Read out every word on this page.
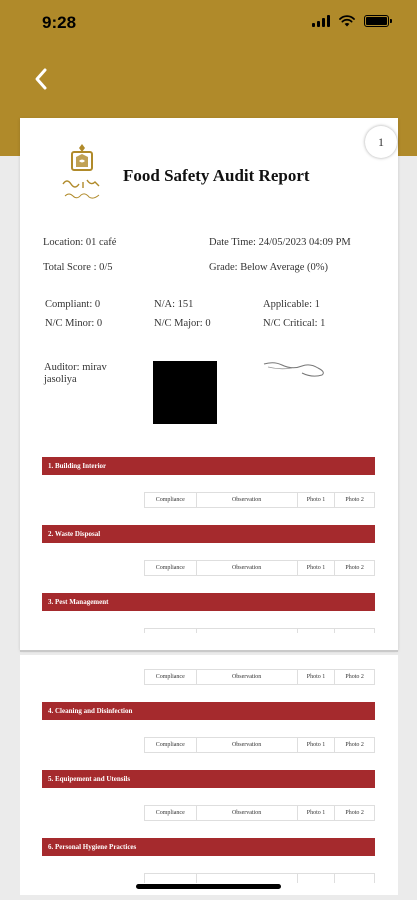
9:28
1
Food Safety Audit Report
Location: 01 café	Date Time: 24/05/2023 04:09 PM
Total Score : 0/5	Grade: Below Average (0%)
Compliant: 0	N/A: 151	Applicable: 1
N/C Minor: 0	N/C Major: 0	N/C Critical: 1
Auditor: mirav jasoliya
1. Building Interior
Compliance	Observation	Photo 1	Photo 2
2. Waste Disposal
Compliance	Observation	Photo 1	Photo 2
3. Pest Management
Compliance	Observation	Photo 1	Photo 2
4. Cleaning and Disinfection
Compliance	Observation	Photo 1	Photo 2
5. Equipement and Utensils
Compliance	Observation	Photo 1	Photo 2
6. Personal Hygiene Practices
